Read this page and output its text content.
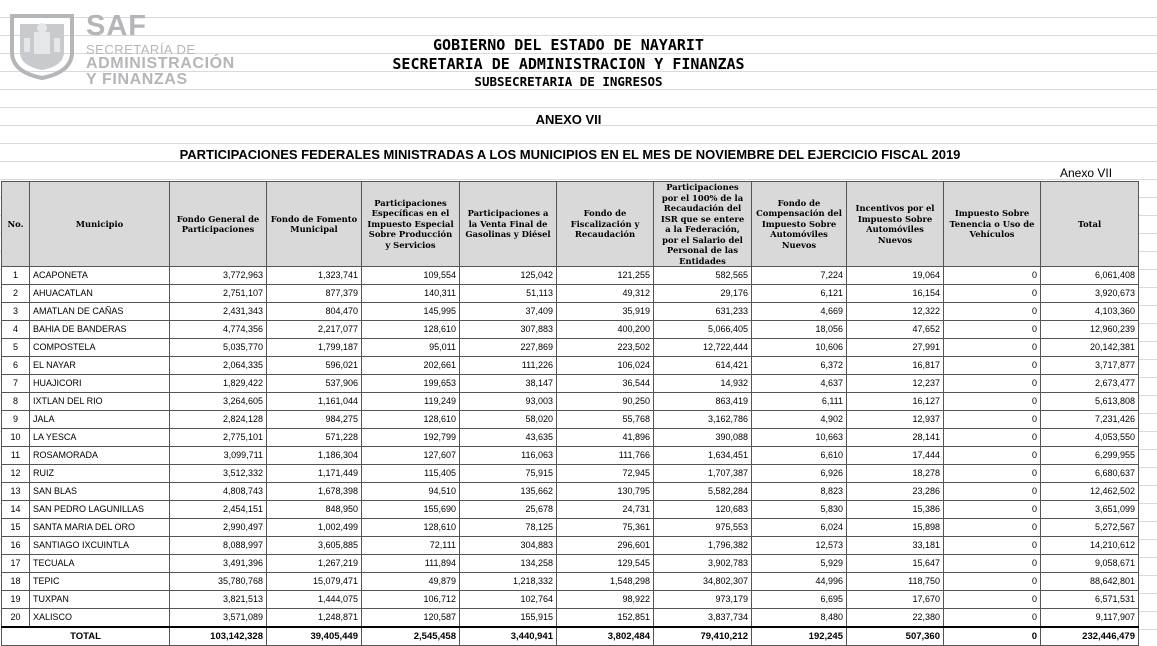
SAF
SECRETARÍA DE
ADMINISTRACIÓN
Y FINANZAS
GOBIERNO DEL ESTADO DE NAYARIT
SECRETARIA DE ADMINISTRACION Y FINANZAS
SUBSECRETARIA DE INGRESOS
ANEXO VII
PARTICIPACIONES FEDERALES MINISTRADAS A LOS MUNICIPIOS EN EL MES DE NOVIEMBRE DEL EJERCICIO FISCAL 2019
Anexo VII
No.	Municipio	Fondo General de Participaciones	Fondo de Fomento Municipal	Participaciones Específicas en el Impuesto Especial Sobre Producción y Servicios	Participaciones a la Venta Final de Gasolinas y Diésel	Fondo de Fiscalización y Recaudación	Participaciones por el 100% de la Recaudación del ISR que se entere a la Federación, por el Salario del Personal de las Entidades	Fondo de Compensación del Impuesto Sobre Automóviles Nuevos	Incentivos por el Impuesto Sobre Automóviles Nuevos	Impuesto Sobre Tenencia o Uso de Vehículos	Total
1	ACAPONETA	3,772,963	1,323,741	109,554	125,042	121,255	582,565	7,224	19,064	0	6,061,408
2	AHUACATLAN	2,751,107	877,379	140,311	51,113	49,312	29,176	6,121	16,154	0	3,920,673
3	AMATLAN DE CAÑAS	2,431,343	804,470	145,995	37,409	35,919	631,233	4,669	12,322	0	4,103,360
4	BAHIA DE BANDERAS	4,774,356	2,217,077	128,610	307,883	400,200	5,066,405	18,056	47,652	0	12,960,239
5	COMPOSTELA	5,035,770	1,799,187	95,011	227,869	223,502	12,722,444	10,606	27,991	0	20,142,381
6	EL NAYAR	2,064,335	596,021	202,661	111,226	106,024	614,421	6,372	16,817	0	3,717,877
7	HUAJICORI	1,829,422	537,906	199,653	38,147	36,544	14,932	4,637	12,237	0	2,673,477
8	IXTLAN DEL RIO	3,264,605	1,161,044	119,249	93,003	90,250	863,419	6,111	16,127	0	5,613,808
9	JALA	2,824,128	984,275	128,610	58,020	55,768	3,162,786	4,902	12,937	0	7,231,426
10	LA YESCA	2,775,101	571,228	192,799	43,635	41,896	390,088	10,663	28,141	0	4,053,550
11	ROSAMORADA	3,099,711	1,186,304	127,607	116,063	111,766	1,634,451	6,610	17,444	0	6,299,955
12	RUIZ	3,512,332	1,171,449	115,405	75,915	72,945	1,707,387	6,926	18,278	0	6,680,637
13	SAN BLAS	4,808,743	1,678,398	94,510	135,662	130,795	5,582,284	8,823	23,286	0	12,462,502
14	SAN PEDRO LAGUNILLAS	2,454,151	848,950	155,690	25,678	24,731	120,683	5,830	15,386	0	3,651,099
15	SANTA MARIA DEL ORO	2,990,497	1,002,499	128,610	78,125	75,361	975,553	6,024	15,898	0	5,272,567
16	SANTIAGO IXCUINTLA	8,088,997	3,605,885	72,111	304,883	296,601	1,796,382	12,573	33,181	0	14,210,612
17	TECUALA	3,491,396	1,267,219	111,894	134,258	129,545	3,902,783	5,929	15,647	0	9,058,671
18	TEPIC	35,780,768	15,079,471	49,879	1,218,332	1,548,298	34,802,307	44,996	118,750	0	88,642,801
19	TUXPAN	3,821,513	1,444,075	106,712	102,764	98,922	973,179	6,695	17,670	0	6,571,531
20	XALISCO	3,571,089	1,248,871	120,587	155,915	152,851	3,837,734	8,480	22,380	0	9,117,907
TOTAL		103,142,328	39,405,449	2,545,458	3,440,941	3,802,484	79,410,212	192,245	507,360	0	232,446,479
